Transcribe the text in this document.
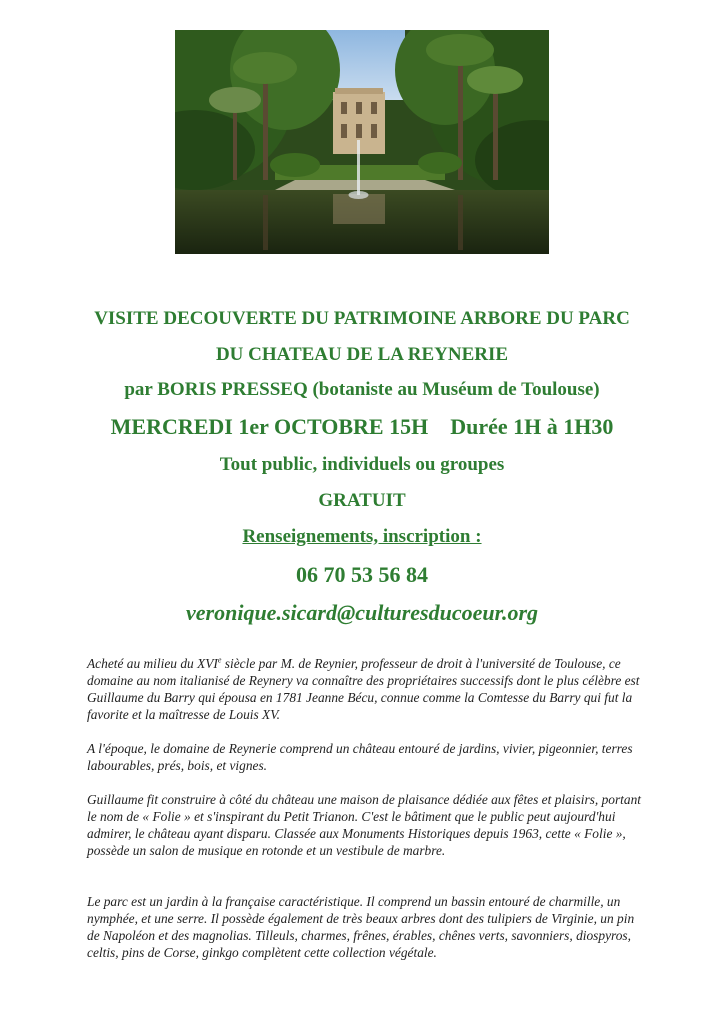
VISITE DECOUVERTE DU PATRIMOINE ARBORE DU PARC
DU CHATEAU DE LA REYNERIE
par BORIS PRESSEQ (botaniste au Muséum de Toulouse)
MERCREDI 1er OCTOBRE 15H Durée 1H à 1H30
Tout public, individuels ou groupes
GRATUIT
Renseignements, inscription :
06 70 53 56 84
veronique.sicard@culturesducoeur.org

Acheté au milieu du XVIe siècle par M. de Reynier, professeur de droit à l'université de Toulouse, ce domaine au nom italianisé de Reynery va connaître des propriétaires successifs dont le plus célèbre est Guillaume du Barry qui épousa en 1781 Jeanne Bécu, connue comme la Comtesse du Barry qui fut la favorite et la maîtresse de Louis XV.

A l'époque, le domaine de Reynerie comprend un château entouré de jardins, vivier, pigeonnier, terres labourables, prés, bois, et vignes.

Guillaume fit construire à côté du château une maison de plaisance dédiée aux fêtes et plaisirs, portant le nom de « Folie » et s'inspirant du Petit Trianon. C'est le bâtiment que le public peut aujourd'hui admirer, le château ayant disparu. Classée aux Monuments Historiques depuis 1963, cette « Folie », possède un salon de musique en rotonde et un vestibule de marbre.

Le parc est un jardin à la française caractéristique. Il comprend un bassin entouré de charmille, un nymphée, et une serre. Il possède également de très beaux arbres dont des tulipiers de Virginie, un pin de Napoléon et des magnolias. Tilleuls, charmes, frênes, érables, chênes verts, savonniers, diospyros, celtis, pins de Corse, ginkgo complètent cette collection végétale.
